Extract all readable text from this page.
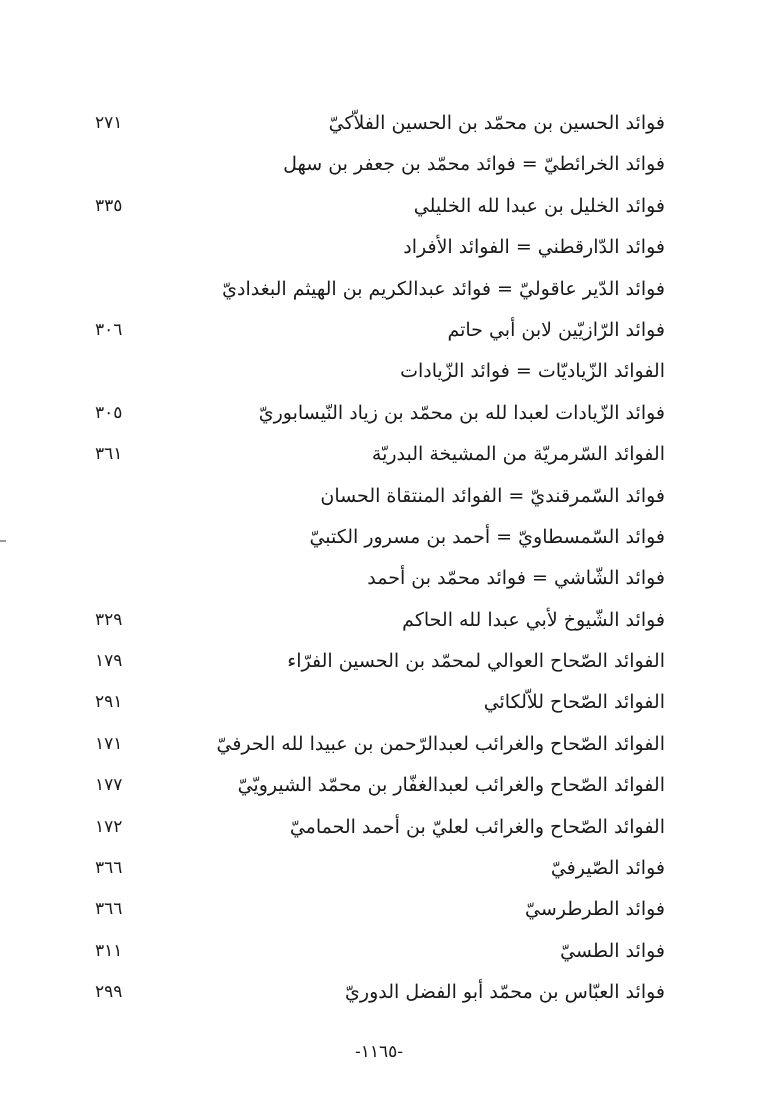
فوائد الحسين بن محمّد بن الحسين الفلاّكيّ
٢٧١
فوائد الخرائطيّ = فوائد محمّد بن جعفر بن سهل
فوائد الخليل بن عبدا لله الخليلي
٣٣٥
فوائد الدّارقطني = الفوائد الأفراد
فوائد الدّير عاقوليّ = فوائد عبدالكريم بن الهيثم البغداديّ
فوائد الرّازيّين لابن أبي حاتم
٣٠٦
الفوائد الزّياديّات = فوائد الزّيادات
فوائد الزّيادات لعبدا لله بن محمّد بن زياد النّيسابوريّ
٣٠٥
الفوائد السّرمريّة من المشيخة البدريّة
٣٦١
فوائد السّمرقنديّ = الفوائد المنتقاة الحسان
فوائد السّمسطاويّ = أحمد بن مسرور الكتبيّ
فوائد الشّاشي = فوائد محمّد بن أحمد
فوائد الشّيوخ لأبي عبدا لله الحاكم
٣٢٩
الفوائد الصّحاح العوالي لمحمّد بن الحسين الفرّاء
١٧٩
الفوائد الصّحاح للاّلكائي
٢٩١
الفوائد الصّحاح والغرائب لعبدالرّحمن بن عبيدا لله الحرفيّ
١٧١
الفوائد الصّحاح والغرائب لعبدالغفّار بن محمّد الشيرويّيّ
١٧٧
الفوائد الصّحاح والغرائب لعليّ بن أحمد الحماميّ
١٧٢
فوائد الصّيرفيّ
٣٦٦
فوائد الطرطرسيّ
٣٦٦
فوائد الطسيّ
٣١١
فوائد العبّاس بن محمّد أبو الفضل الدوريّ
٢٩٩
-١١٦٥-
